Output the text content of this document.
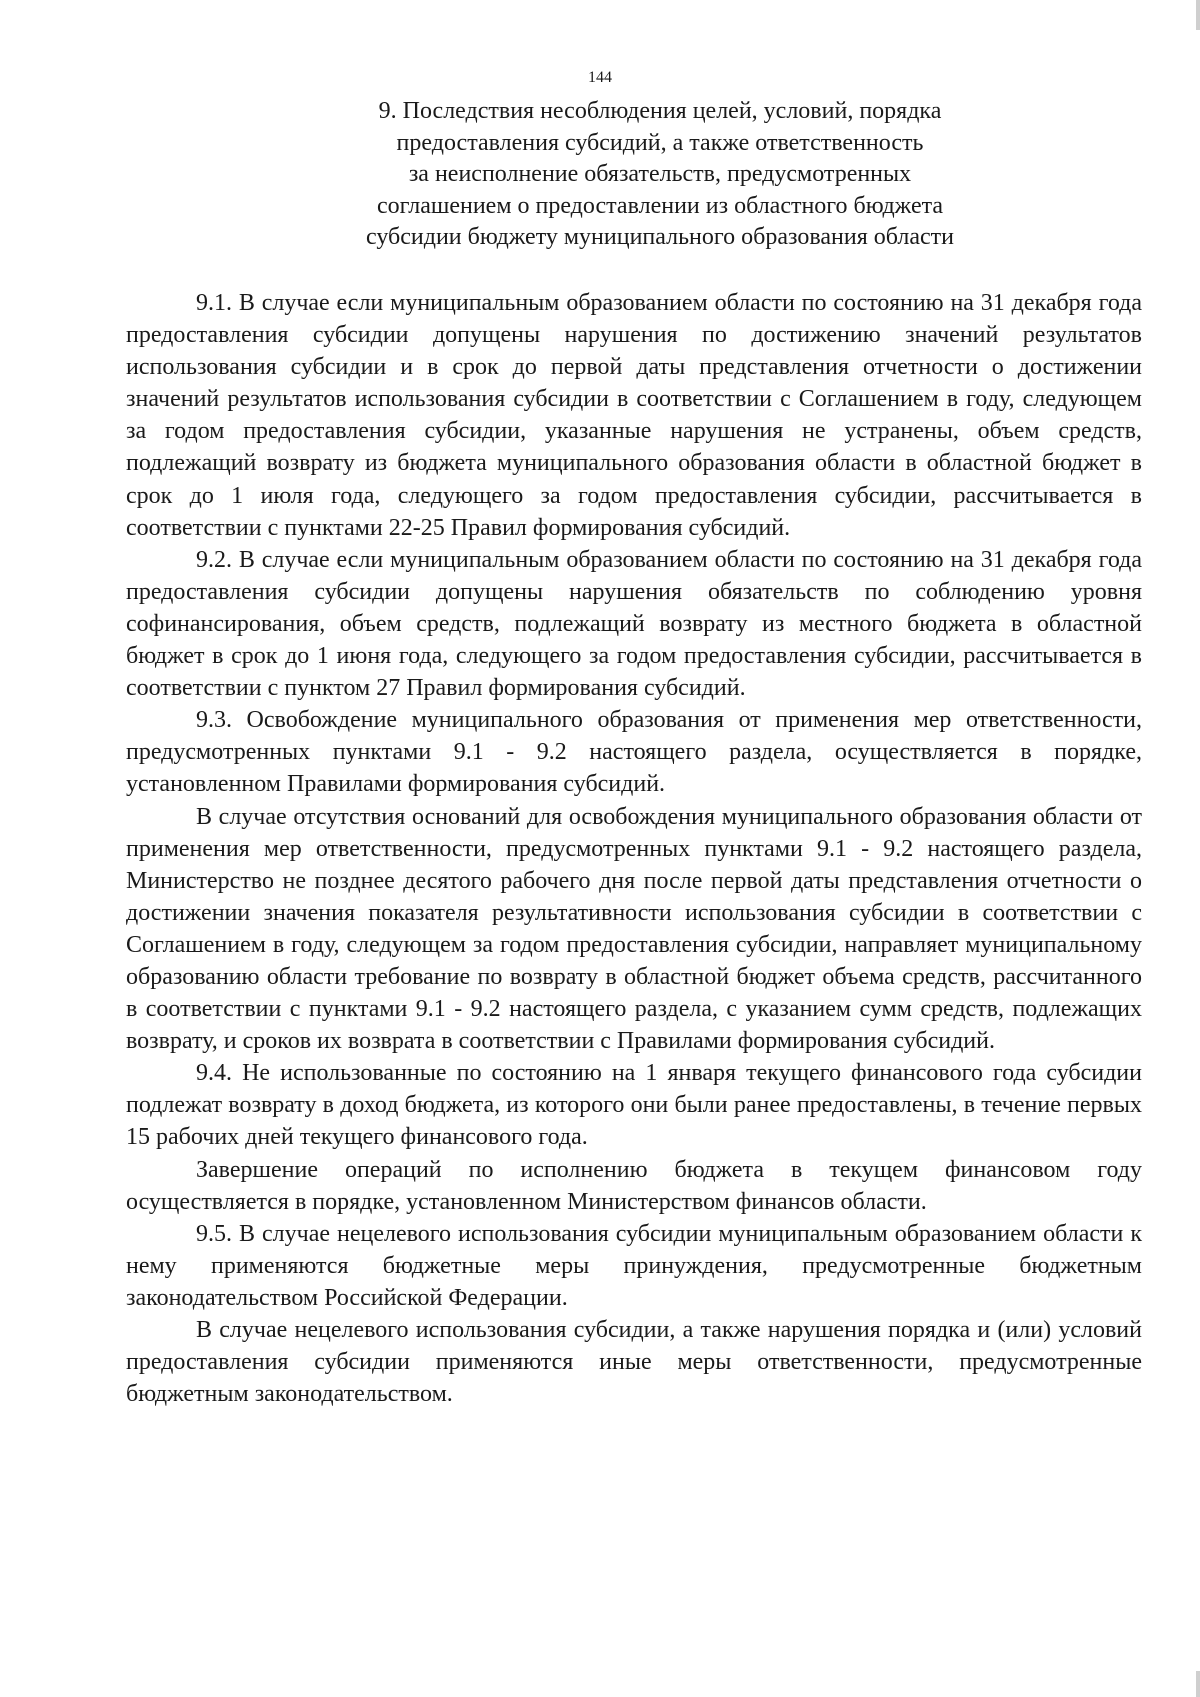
144
9. Последствия несоблюдения целей, условий, порядка
предоставления субсидий, а также ответственность
за неисполнение обязательств, предусмотренных
соглашением о предоставлении из областного бюджета
субсидии бюджету муниципального образования области

9.1. В случае если муниципальным образованием области по состоянию на 31 декабря года предоставления субсидии допущены нарушения по достижению значений результатов использования субсидии и в срок до первой даты представления отчетности о достижении значений результатов использования субсидии в соответствии с Соглашением в году, следующем за годом предоставления субсидии, указанные нарушения не устранены, объем средств, подлежащий возврату из бюджета муниципального образования области в областной бюджет в срок до 1 июля года, следующего за годом предоставления субсидии, рассчитывается в соответствии с пунктами 22-25 Правил формирования субсидий.

9.2. В случае если муниципальным образованием области по состоянию на 31 декабря года предоставления субсидии допущены нарушения обязательств по соблюдению уровня софинансирования, объем средств, подлежащий возврату из местного бюджета в областной бюджет в срок до 1 июня года, следующего за годом предоставления субсидии, рассчитывается в соответствии с пунктом 27 Правил формирования субсидий.

9.3. Освобождение муниципального образования от применения мер ответственности, предусмотренных пунктами 9.1 - 9.2 настоящего раздела, осуществляется в порядке, установленном Правилами формирования субсидий.

В случае отсутствия оснований для освобождения муниципального образования области от применения мер ответственности, предусмотренных пунктами 9.1 - 9.2 настоящего раздела, Министерство не позднее десятого рабочего дня после первой даты представления отчетности о достижении значения показателя результативности использования субсидии в соответствии с Соглашением в году, следующем за годом предоставления субсидии, направляет муниципальному образованию области требование по возврату в областной бюджет объема средств, рассчитанного в соответствии с пунктами 9.1 - 9.2 настоящего раздела, с указанием сумм средств, подлежащих возврату, и сроков их возврата в соответствии с Правилами формирования субсидий.

9.4. Не использованные по состоянию на 1 января текущего финансового года субсидии подлежат возврату в доход бюджета, из которого они были ранее предоставлены, в течение первых 15 рабочих дней текущего финансового года.

Завершение операций по исполнению бюджета в текущем финансовом году осуществляется в порядке, установленном Министерством финансов области.

9.5. В случае нецелевого использования субсидии муниципальным образованием области к нему применяются бюджетные меры принуждения, предусмотренные бюджетным законодательством Российской Федерации.

В случае нецелевого использования субсидии, а также нарушения порядка и (или) условий предоставления субсидии применяются иные меры ответственности, предусмотренные бюджетным законодательством.
